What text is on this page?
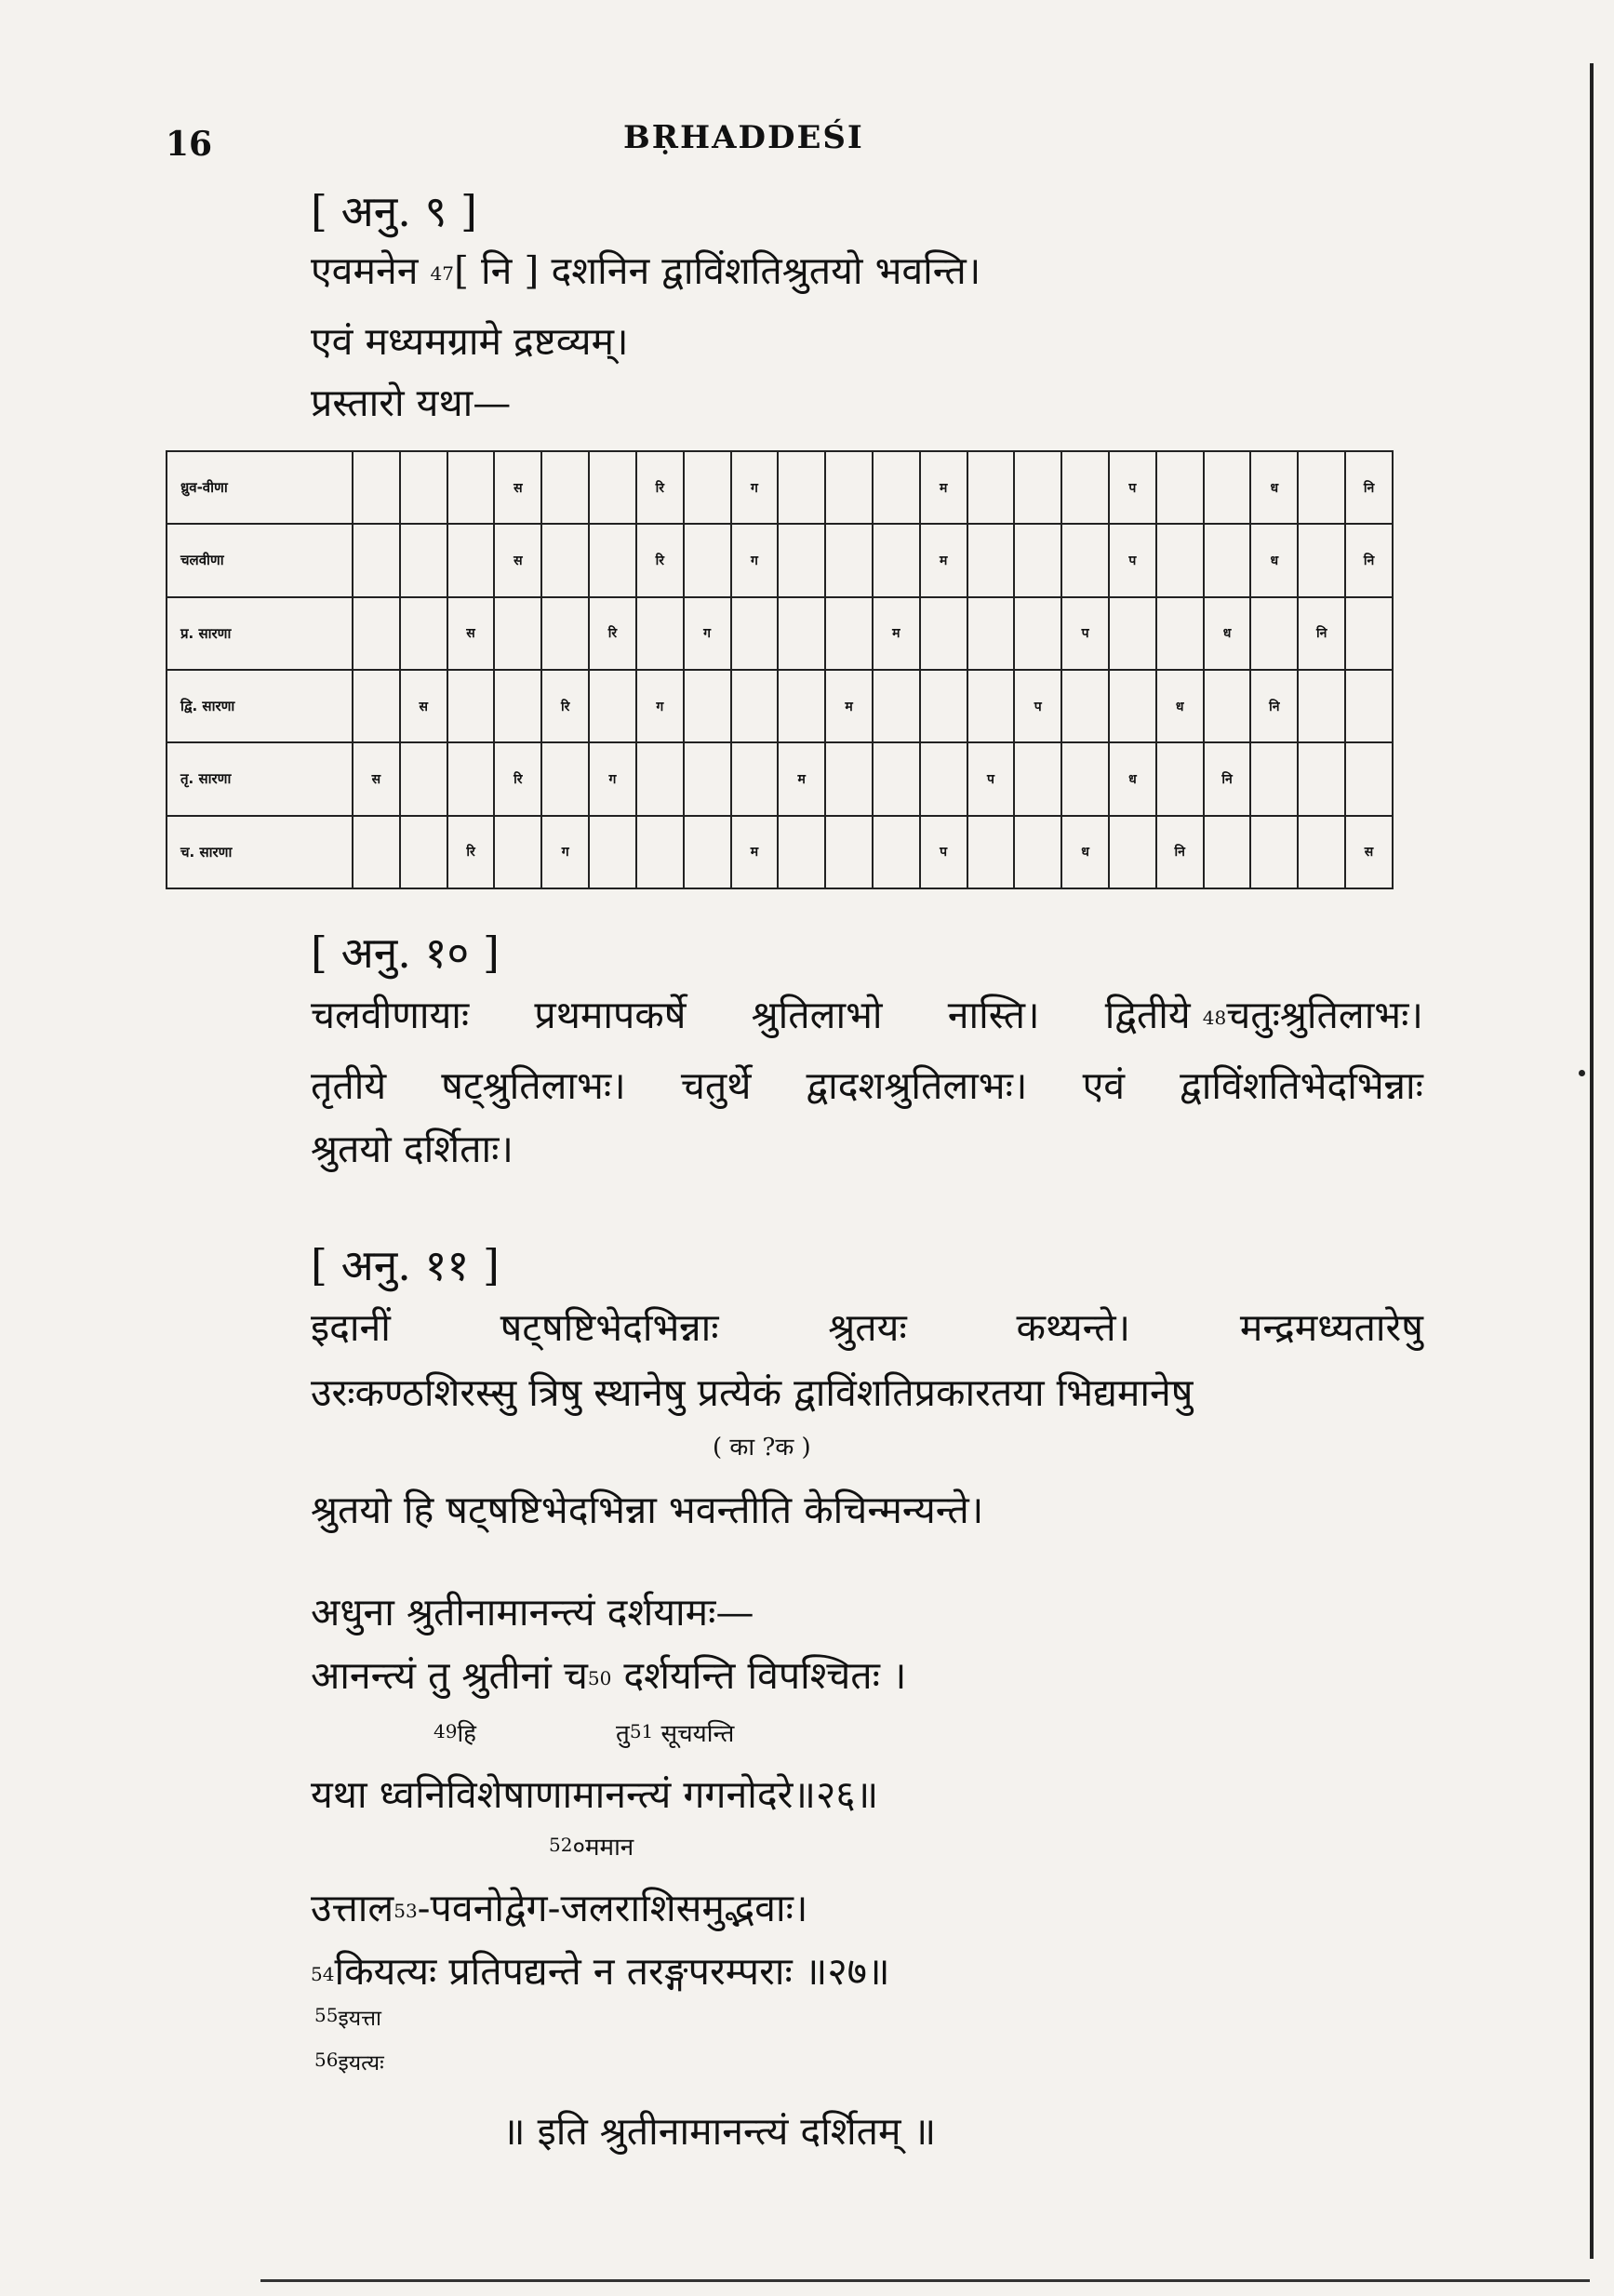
16	BṚHADDEŚI
[ अनु. ९ ]
एवमनेन $^{47}$[ नि ] दशनिन द्वाविंशतिश्रुतयो भवन्ति।
एवं मध्यमग्रामे द्रष्टव्यम्।
प्रस्तारो यथा—
ध्रुव-वीणा				स			रि		ग				म				प			ध		नि
चलवीणा				स			रि		ग				म				प			ध		नि
प्र. सारणा			स			रि		ग				म				प			ध		नि	
द्वि. सारणा		स			रि		ग				म				प			ध		नि		
तृ. सारणा	स			रि		ग				म				प			ध		नि			
च. सारणा			रि		ग				म				प			ध		नि				स
[ अनु. १० ]
चलवीणायाः प्रथमापकर्षे श्रुतिलाभो नास्ति। द्वितीये $^{48}$चतुःश्रुतिलाभः।
तृतीये षट्श्रुतिलाभः। चतुर्थे द्वादशश्रुतिलाभः। एवं द्वाविंशतिभेदभिन्नाः
श्रुतयो दर्शिताः।
[ अनु. ११ ]
इदानीं	षट्षष्टिभेदभिन्नाः	श्रुतयः	कथ्यन्ते।	मन्द्रमध्यतारेषु
उरःकण्ठशिरस्सु त्रिषु स्थानेषु प्रत्येकं द्वाविंशतिप्रकारतया भिद्यमानेषु
( का ?क )
श्रुतयो हि षट्षष्टिभेदभिन्ना भवन्तीति केचिन्मन्यन्ते।
अधुना श्रुतीनामानन्त्यं दर्शयामः—
आनन्त्यं तु श्रुतीनां च$^{50}$ दर्शयन्ति विपश्चितः ।
$^{49}$हि	तु$^{51}$ सूचयन्ति
यथा ध्वनिविशेषाणामानन्त्यं गगनोदरे॥२६॥
$^{52}$०ममान
उत्ताल$^{53}$-पवनोद्वेग-जलराशिसमुद्भवाः।
$^{54}$कियत्यः प्रतिपद्यन्ते न तरङ्गपरम्पराः ॥२७॥
$^{55}$इयत्ता
$^{56}$इयत्यः
॥ इति श्रुतीनामानन्त्यं दर्शितम् ॥
